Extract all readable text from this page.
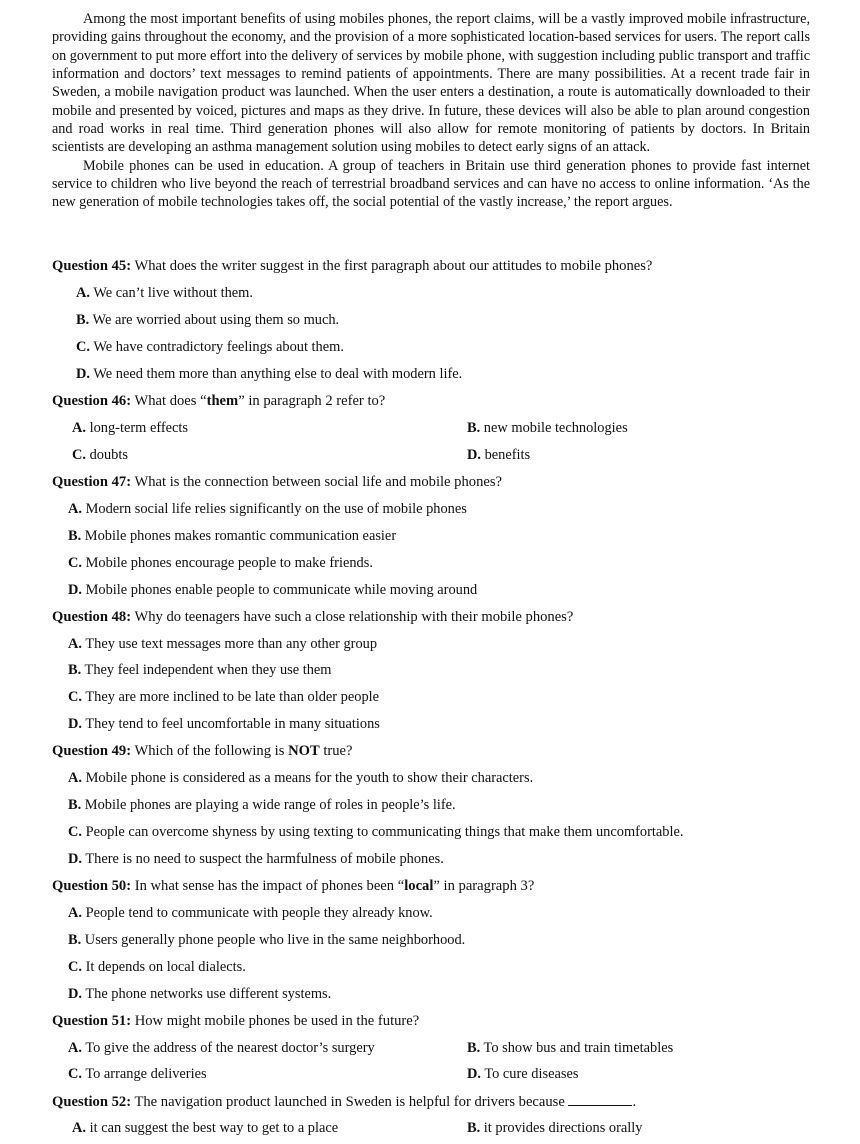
Among the most important benefits of using mobiles phones, the report claims, will be a vastly improved mobile infrastructure, providing gains throughout the economy, and the provision of a more sophisticated location-based services for users. The report calls on government to put more effort into the delivery of services by mobile phone, with suggestion including public transport and traffic information and doctors’ text messages to remind patients of appointments. There are many possibilities. At a recent trade fair in Sweden, a mobile navigation product was launched. When the user enters a destination, a route is automatically downloaded to their mobile and presented by voiced, pictures and maps as they drive. In future, these devices will also be able to plan around congestion and road works in real time. Third generation phones will also allow for remote monitoring of patients by doctors. In Britain scientists are developing an asthma management solution using mobiles to detect early signs of an attack.

Mobile phones can be used in education. A group of teachers in Britain use third generation phones to provide fast internet service to children who live beyond the reach of terrestrial broadband services and can have no access to online information. ‘As the new generation of mobile technologies takes off, the social potential of the vastly increase,’ the report argues.

Question 45: What does the writer suggest in the first paragraph about our attitudes to mobile phones?
A. We can’t live without them.
B. We are worried about using them so much.
C. We have contradictory feelings about them.
D. We need them more than anything else to deal with modern life.
Question 46: What does “them” in paragraph 2 refer to?
A. long-term effects	B. new mobile technologies
C. doubts	D. benefits
Question 47: What is the connection between social life and mobile phones?
A. Modern social life relies significantly on the use of mobile phones
B. Mobile phones makes romantic communication easier
C. Mobile phones encourage people to make friends.
D. Mobile phones enable people to communicate while moving around
Question 48: Why do teenagers have such a close relationship with their mobile phones?
A. They use text messages more than any other group
B. They feel independent when they use them
C. They are more inclined to be late than older people
D. They tend to feel uncomfortable in many situations
Question 49: Which of the following is NOT true?
A. Mobile phone is considered as a means for the youth to show their characters.
B. Mobile phones are playing a wide range of roles in people’s life.
C. People can overcome shyness by using texting to communicating things that make them uncomfortable.
D. There is no need to suspect the harmfulness of mobile phones.
Question 50: In what sense has the impact of phones been “local” in paragraph 3?
A. People tend to communicate with people they already know.
B. Users generally phone people who live in the same neighborhood.
C. It depends on local dialects.
D. The phone networks use different systems.
Question 51: How might mobile phones be used in the future?
A. To give the address of the nearest doctor’s surgery	B. To show bus and train timetables
C. To arrange deliveries	D. To cure diseases
Question 52: The navigation product launched in Sweden is helpful for drivers because	.
A. it can suggest the best way to get to a place	B. it provides directions orally
